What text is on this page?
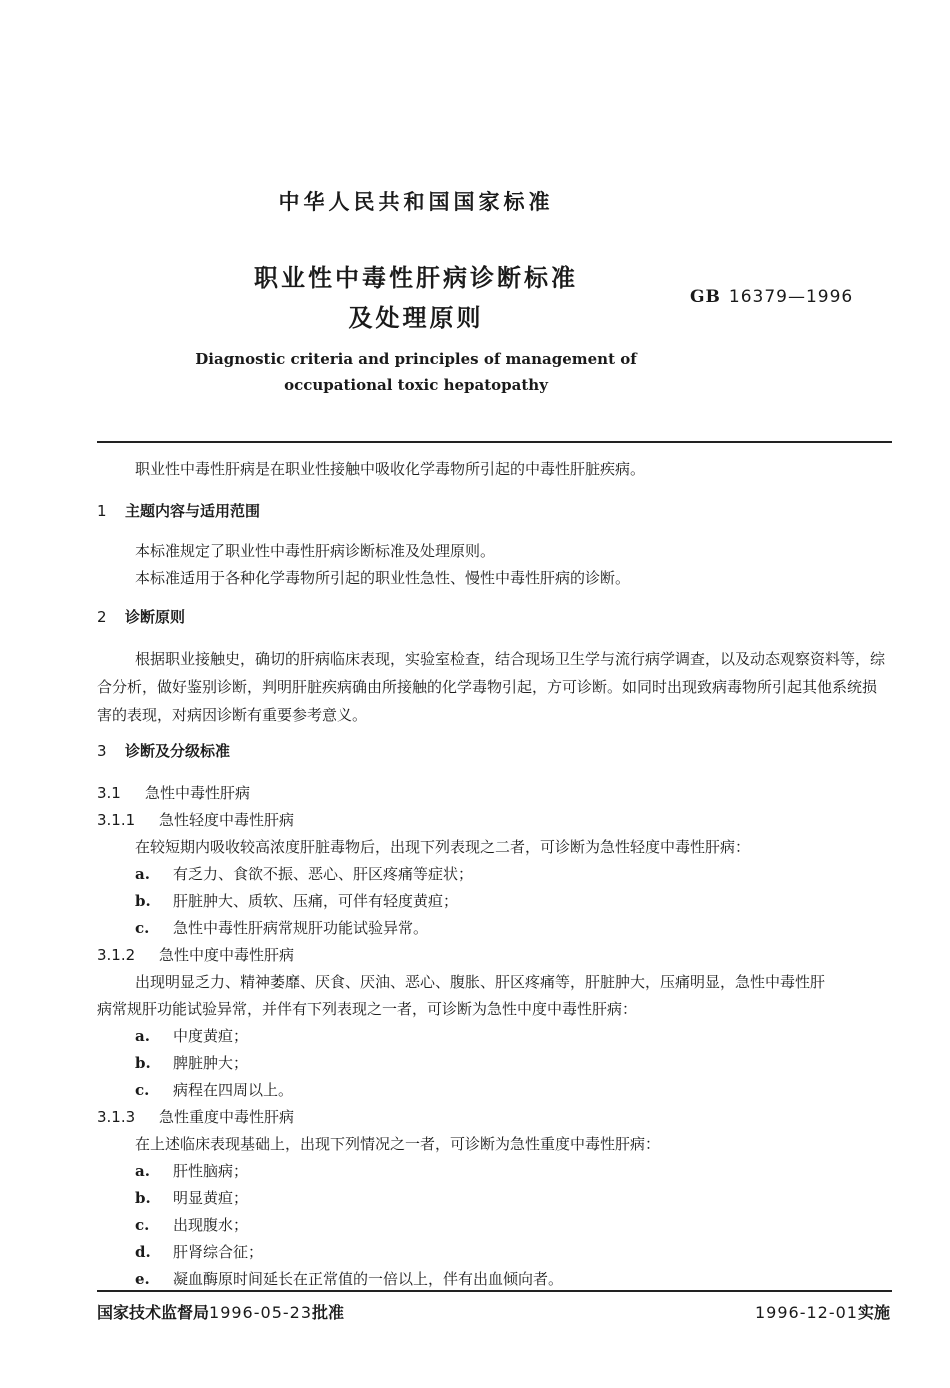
中华人民共和国国家标准
职业性中毒性肝病诊断标准
及处理原则
GB 16379—1996
Diagnostic criteria and principles of management of
occupational toxic hepatopathy
职业性中毒性肝病是在职业性接触中吸收化学毒物所引起的中毒性肝脏疾病。
1 主题内容与适用范围
本标准规定了职业性中毒性肝病诊断标准及处理原则。
本标准适用于各种化学毒物所引起的职业性急性、慢性中毒性肝病的诊断。
2 诊断原则
根据职业接触史，确切的肝病临床表现，实验室检查，结合现场卫生学与流行病学调查，以及动态观察资料等，综合分析，做好鉴别诊断，判明肝脏疾病确由所接触的化学毒物引起，方可诊断。如同时出现致病毒物所引起其他系统损害的表现，对病因诊断有重要参考意义。
3 诊断及分级标准
3.1 急性中毒性肝病
3.1.1 急性轻度中毒性肝病
在较短期内吸收较高浓度肝脏毒物后，出现下列表现之二者，可诊断为急性轻度中毒性肝病：
a. 有乏力、食欲不振、恶心、肝区疼痛等症状；
b. 肝脏肿大、质软、压痛，可伴有轻度黄疸；
c. 急性中毒性肝病常规肝功能试验异常。
3.1.2 急性中度中毒性肝病
出现明显乏力、精神萎靡、厌食、厌油、恶心、腹胀、肝区疼痛等，肝脏肿大，压痛明显，急性中毒性肝
病常规肝功能试验异常，并伴有下列表现之一者，可诊断为急性中度中毒性肝病：
a. 中度黄疸；
b. 脾脏肿大；
c. 病程在四周以上。
3.1.3 急性重度中毒性肝病
在上述临床表现基础上，出现下列情况之一者，可诊断为急性重度中毒性肝病：
a. 肝性脑病；
b. 明显黄疸；
c. 出现腹水；
d. 肝肾综合征；
e. 凝血酶原时间延长在正常值的一倍以上，伴有出血倾向者。
国家技术监督局1996-05-23批准	1996-12-01实施
